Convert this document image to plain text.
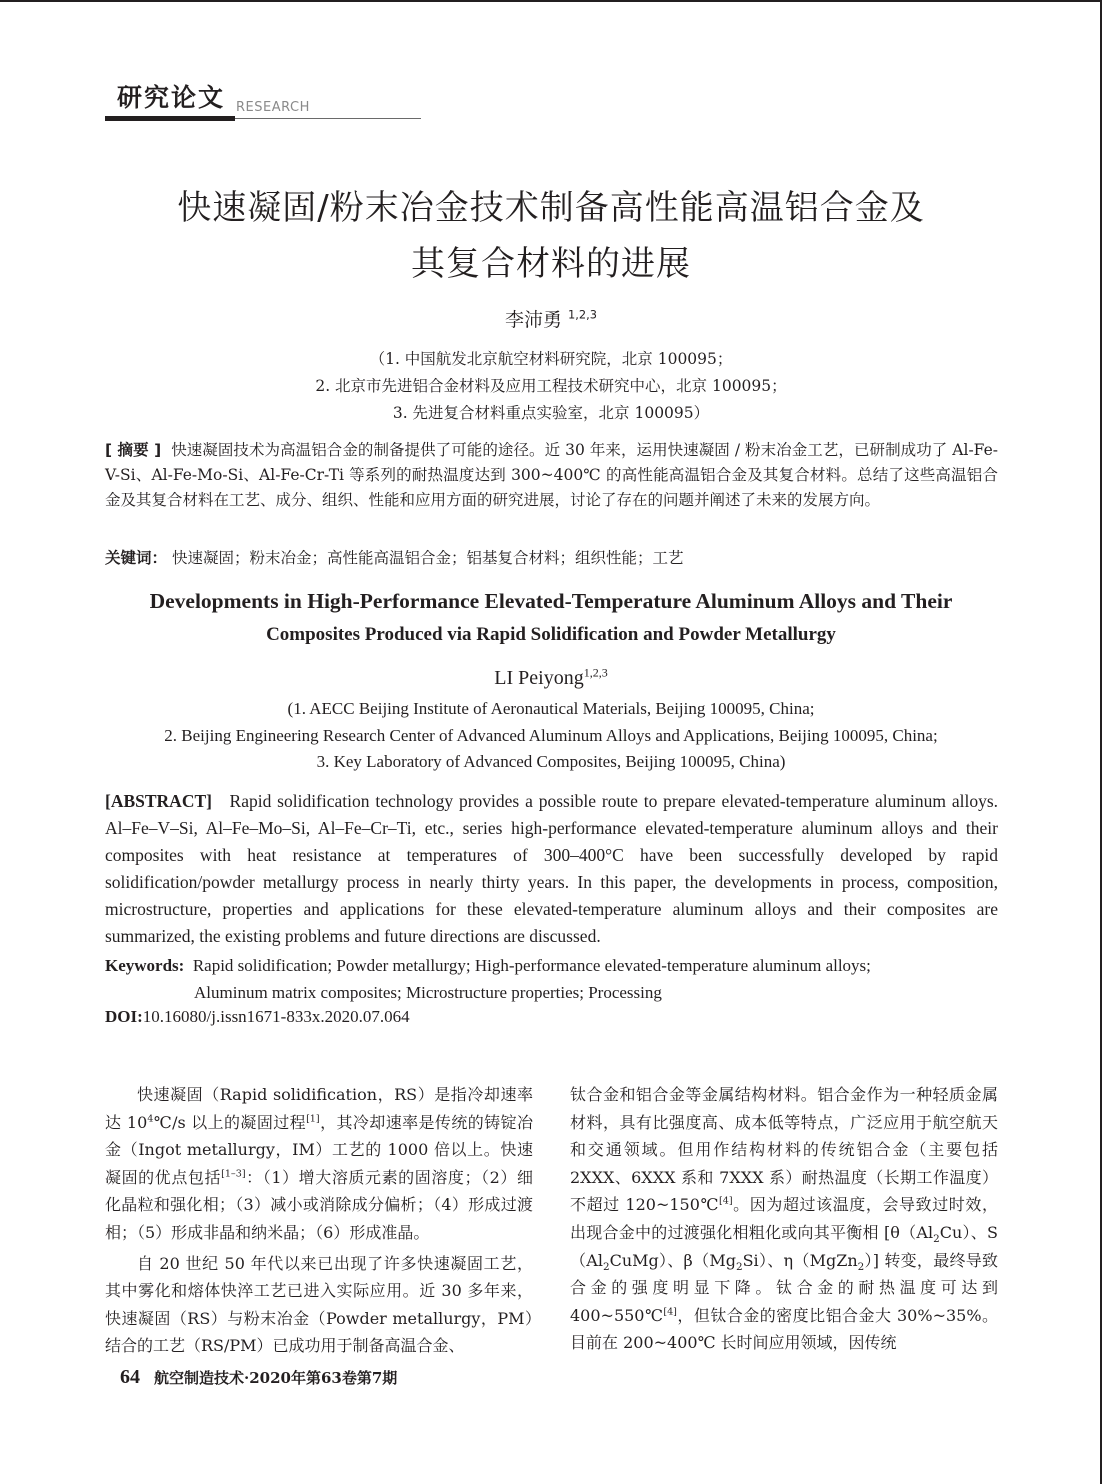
研究论文 RESEARCH
快速凝固/粉末冶金技术制备高性能高温铝合金及
其复合材料的进展
李沛勇 $^{1,2,3}$
（1. 中国航发北京航空材料研究院，北京 100095；
2. 北京市先进铝合金材料及应用工程技术研究中心，北京 100095；
3. 先进复合材料重点实验室，北京 100095）
[ 摘要 ] 快速凝固技术为高温铝合金的制备提供了可能的途径。近 30 年来，运用快速凝固 / 粉末冶金工艺，已研制成功了 Al-Fe-V-Si、Al-Fe-Mo-Si、Al-Fe-Cr-Ti 等系列的耐热温度达到 300~400℃ 的高性能高温铝合金及其复合材料。总结了这些高温铝合金及其复合材料在工艺、成分、组织、性能和应用方面的研究进展，讨论了存在的问题并阐述了未来的发展方向。
关键词： 快速凝固；粉末冶金；高性能高温铝合金；铝基复合材料；组织性能；工艺
Developments in High-Performance Elevated-Temperature Aluminum Alloys and Their
Composites Produced via Rapid Solidification and Powder Metallurgy
LI Peiyong$^{1,2,3}$
(1. AECC Beijing Institute of Aeronautical Materials, Beijing 100095, China;
2. Beijing Engineering Research Center of Advanced Aluminum Alloys and Applications, Beijing 100095, China;
3. Key Laboratory of Advanced Composites, Beijing 100095, China)
[ABSTRACT] Rapid solidification technology provides a possible route to prepare elevated-temperature aluminum alloys. Al–Fe–V–Si, Al–Fe–Mo–Si, Al–Fe–Cr–Ti, etc., series high-performance elevated-temperature aluminum alloys and their composites with heat resistance at temperatures of 300–400°C have been successfully developed by rapid solidification/powder metallurgy process in nearly thirty years. In this paper, the developments in process, composition, microstructure, properties and applications for these elevated-temperature aluminum alloys and their composites are summarized, the existing problems and future directions are discussed.
Keywords: Rapid solidification; Powder metallurgy; High-performance elevated-temperature aluminum alloys;
Aluminum matrix composites; Microstructure properties; Processing
DOI:10.16080/j.issn1671-833x.2020.07.064

快速凝固（Rapid solidification，RS）是指冷却速率达 $10^4℃/s$ 以上的凝固过程[1]，其冷却速率是传统的铸锭冶金（Ingot metallurgy，IM）工艺的 1000 倍以上。快速凝固的优点包括[1–3]：（1）增大溶质元素的固溶度；（2）细化晶粒和强化相；（3）减小或消除成分偏析；（4）形成过渡相；（5）形成非晶和纳米晶；（6）形成准晶。

自 20 世纪 50 年代以来已出现了许多快速凝固工艺，其中雾化和熔体快淬工艺已进入实际应用。近 30 多年来，快速凝固（RS）与粉末冶金（Powder metallurgy，PM）结合的工艺（RS/PM）已成功用于制备高温合金、

钛合金和铝合金等金属结构材料。铝合金作为一种轻质金属材料，具有比强度高、成本低等特点，广泛应用于航空航天和交通领域。但用作结构材料的传统铝合金（主要包括 2XXX、6XXX 系和 7XXX 系）耐热温度（长期工作温度）不超过 120~150℃[4]。因为超过该温度，会导致过时效，出现合金中的过渡强化相粗化或向其平衡相 [$\theta(Al_2Cu)$、$S(Al_2CuMg)$、$\beta(Mg_2Si)$、η（MgZn$_2$）] 转变，最终导致合金的强度明显下降。钛合金的耐热温度可达到 400~550℃[4]，但钛合金的密度比铝合金大 30%~35%。目前在 200~400℃ 长时间应用领域，因传统

64 航空制造技术·2020年第63卷第7期
